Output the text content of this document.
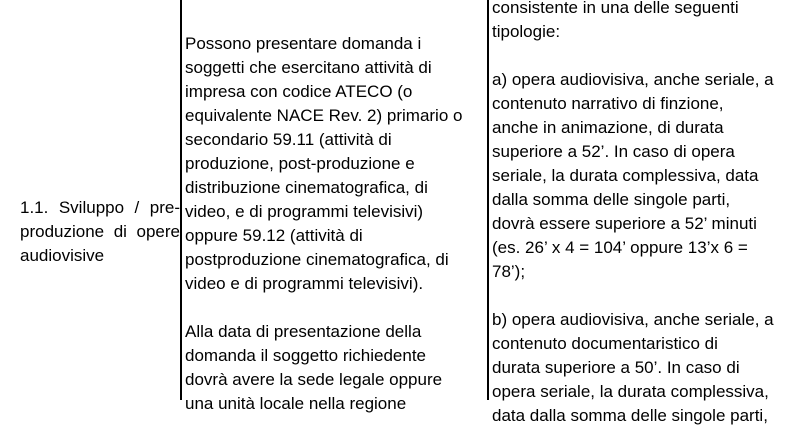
1.1. Sviluppo / pre-
produzione di opere
audiovisive
Possono presentare domanda i
soggetti che esercitano attività di
impresa con codice ATECO (o
equivalente NACE Rev. 2) primario o
secondario 59.11 (attività di
produzione, post-produzione e
distribuzione cinematografica, di
video, e di programmi televisivi)
oppure 59.12 (attività di
postproduzione cinematografica, di
video e di programmi televisivi).
Alla data di presentazione della
domanda il soggetto richiedente
dovrà avere la sede legale oppure
una unità locale nella regione
consistente in una delle seguenti
tipologie:
a) opera audiovisiva, anche seriale, a
contenuto narrativo di finzione,
anche in animazione, di durata
superiore a 52’. In caso di opera
seriale, la durata complessiva, data
dalla somma delle singole parti,
dovrà essere superiore a 52’ minuti
(es. 26’ x 4 = 104’ oppure 13’x 6 =
78’);
b) opera audiovisiva, anche seriale, a
contenuto documentaristico di
durata superiore a 50’. In caso di
opera seriale, la durata complessiva,
data dalla somma delle singole parti,
